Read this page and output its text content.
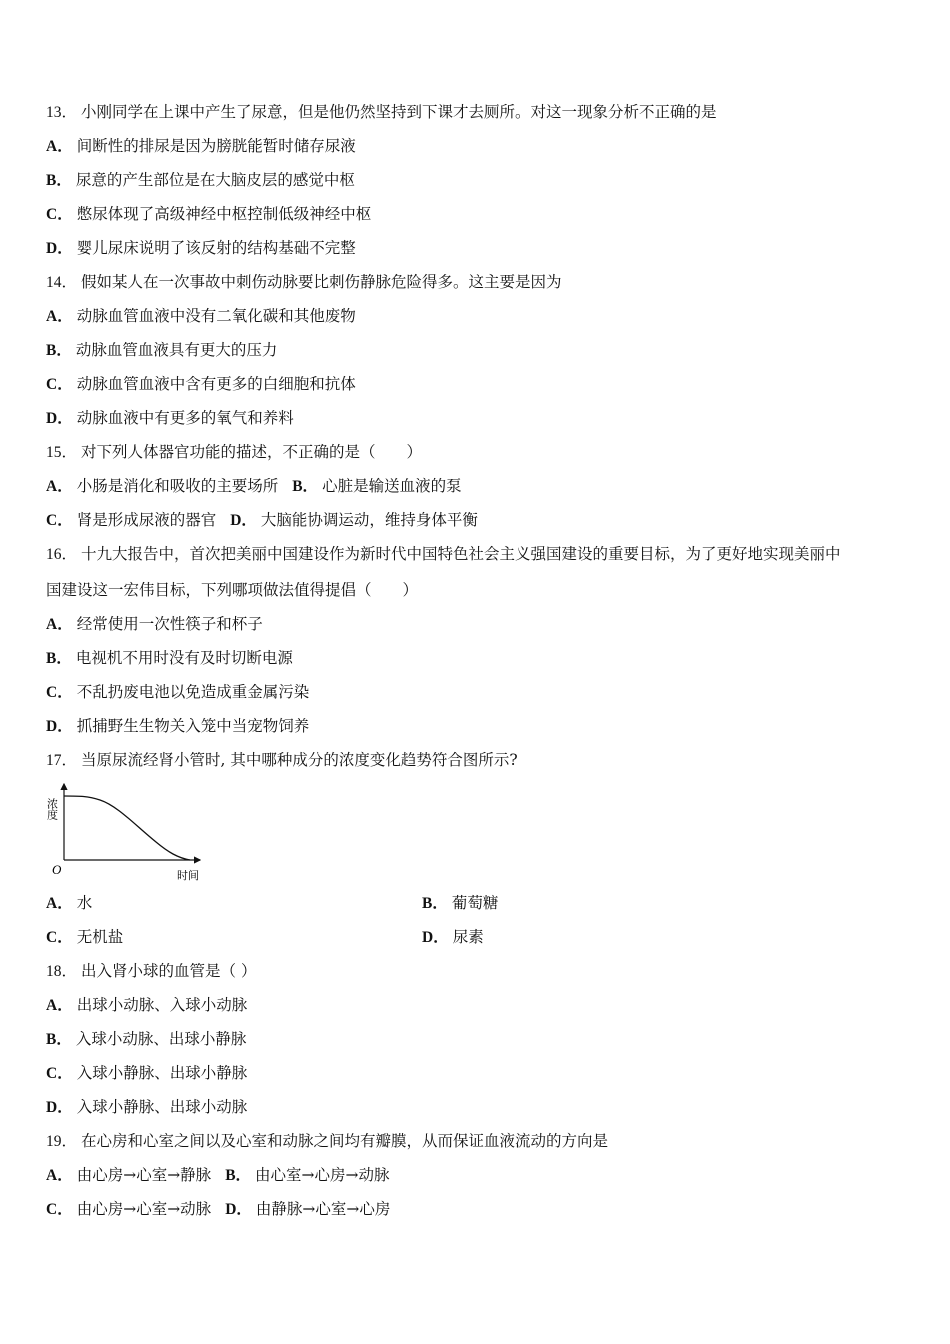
13． 小刚同学在上课中产生了尿意，但是他仍然坚持到下课才去厕所。对这一现象分析不正确的是
A． 间断性的排尿是因为膀胱能暂时储存尿液
B． 尿意的产生部位是在大脑皮层的感觉中枢
C． 憋尿体现了高级神经中枢控制低级神经中枢
D． 婴儿尿床说明了该反射的结构基础不完整
14． 假如某人在一次事故中刺伤动脉要比刺伤静脉危险得多。这主要是因为
A． 动脉血管血液中没有二氧化碳和其他废物
B． 动脉血管血液具有更大的压力
C． 动脉血管血液中含有更多的白细胞和抗体
D． 动脉血液中有更多的氧气和养料
15． 对下列人体器官功能的描述，不正确的是（　　）
A． 小肠是消化和吸收的主要场所 B． 心脏是输送血液的泵
C． 肾是形成尿液的器官 D． 大脑能协调运动，维持身体平衡
16． 十九大报告中，首次把美丽中国建设作为新时代中国特色社会主义强国建设的重要目标，为了更好地实现美丽中
国建设这一宏伟目标，下列哪项做法值得提倡（　　）
A． 经常使用一次性筷子和杯子
B． 电视机不用时没有及时切断电源
C． 不乱扔废电池以免造成重金属污染
D． 抓捕野生生物关入笼中当宠物饲养
17． 当原尿流经肾小管时, 其中哪种成分的浓度变化趋势符合图所示?
浓度
O	时间
A． 水	B． 葡萄糖
C． 无机盐	D． 尿素
18． 出入肾小球的血管是（ ）
A． 出球小动脉、入球小动脉
B． 入球小动脉、出球小静脉
C． 入球小静脉、出球小静脉
D． 入球小静脉、出球小动脉
19． 在心房和心室之间以及心室和动脉之间均有瓣膜，从而保证血液流动的方向是
A． 由心房→心室→静脉 B． 由心室→心房→动脉
C． 由心房→心室→动脉 D． 由静脉→心室→心房
